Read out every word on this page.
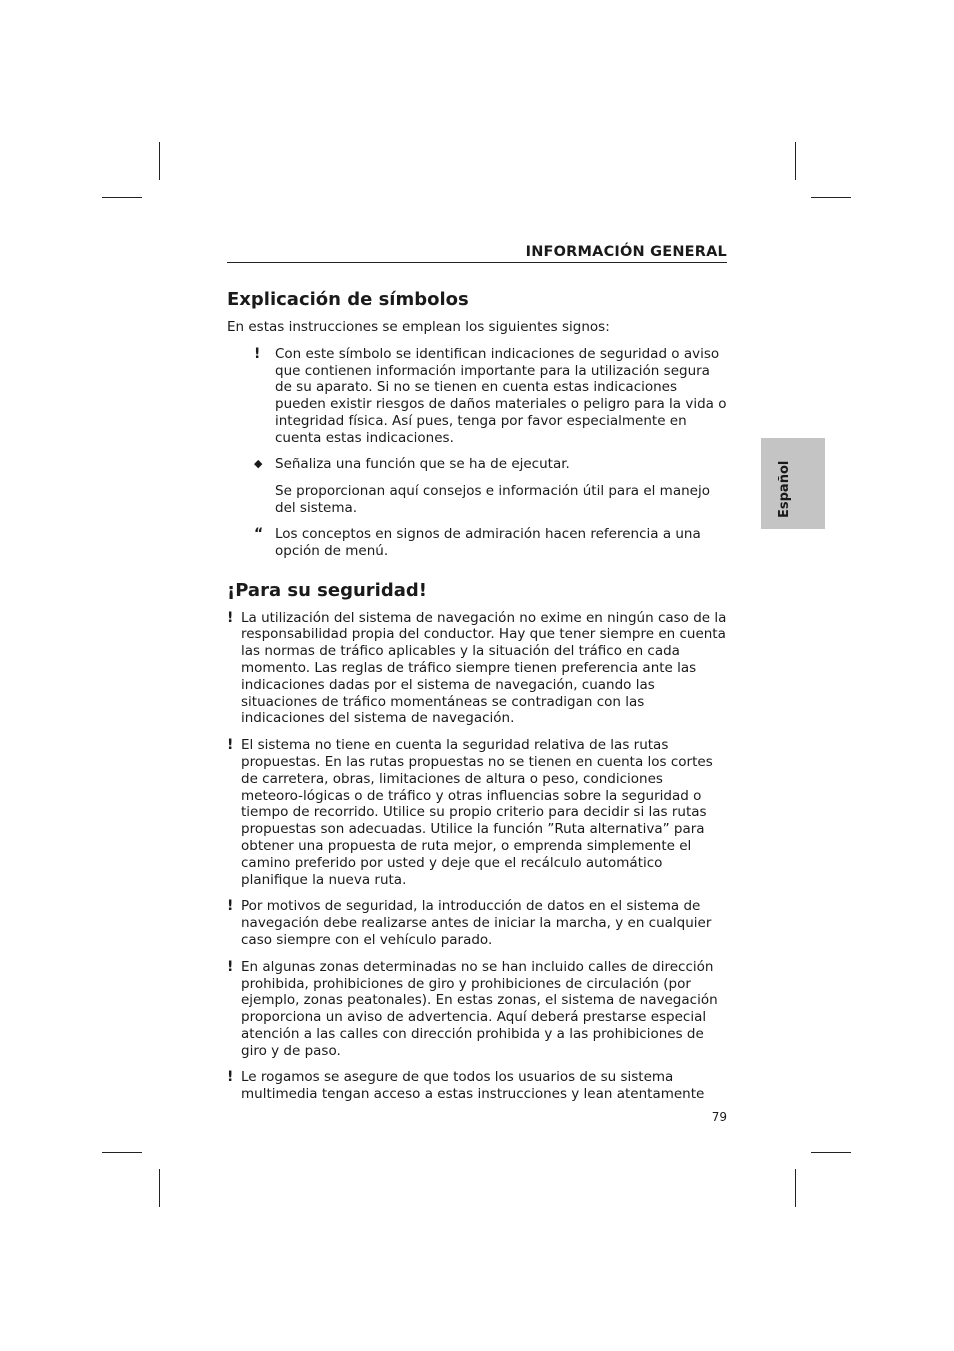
INFORMACIÓN GENERAL
Español
Explicación de símbolos

En estas instrucciones se emplean los siguientes signos:

!	Con este símbolo se identifican indicaciones de seguridad o aviso que contienen información importante para la utilización segura de su aparato. Si no se tienen en cuenta estas indicaciones pueden existir riesgos de daños materiales o peligro para la vida o integridad física. Así pues, tenga por favor especialmente en cuenta estas indicaciones.

◆ Señaliza una función que se ha de ejecutar.

Se proporcionan aquí consejos e información útil para el manejo del sistema.

“ Los conceptos en signos de admiración hacen referencia a una opción de menú.

¡Para su seguridad!
! La utilización del sistema de navegación no exime en ningún caso de la responsabilidad propia del conductor. Hay que tener siempre en cuenta las normas de tráfico aplicables y la situación del tráfico en cada momento. Las reglas de tráfico siempre tienen preferencia ante las indicaciones dadas por el sistema de navegación, cuando las situaciones de tráfico momentáneas se contradigan con las indicaciones del sistema de navegación.

! El sistema no tiene en cuenta la seguridad relativa de las rutas propuestas. En las rutas propuestas no se tienen en cuenta los cortes de carretera, obras, limitaciones de altura o peso, condiciones meteoro-lógicas o de tráfico y otras influencias sobre la seguridad o tiempo de recorrido. Utilice su propio criterio para decidir si las rutas propuestas son adecuadas. Utilice la función ”Ruta alternativa” para obtener una propuesta de ruta mejor, o emprenda simplemente el camino preferido por usted y deje que el recálculo automático planifique la nueva ruta.

! Por motivos de seguridad, la introducción de datos en el sistema de navegación debe realizarse antes de iniciar la marcha, y en cualquier caso siempre con el vehículo parado.

! En algunas zonas determinadas no se han incluido calles de dirección prohibida, prohibiciones de giro y prohibiciones de circulación (por ejemplo, zonas peatonales). En estas zonas, el sistema de navegación proporciona un aviso de advertencia. Aquí deberá prestarse especial atención a las calles con dirección prohibida y a las prohibiciones de giro y de paso.

! Le rogamos se asegure de que todos los usuarios de su sistema multimedia tengan acceso a estas instrucciones y lean atentamente

79
